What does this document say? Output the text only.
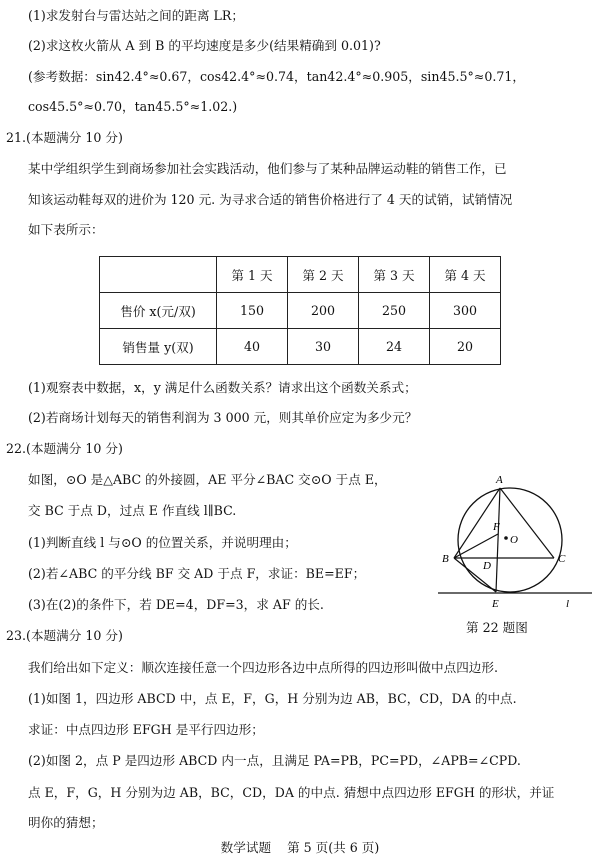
(1)求发射台与雷达站之间的距离 LR；
(2)求这枚火箭从 A 到 B 的平均速度是多少(结果精确到 0.01)?
(参考数据：sin42.4°≈0.67，cos42.4°≈0.74，tan42.4°≈0.905，sin45.5°≈0.71，
cos45.5°≈0.70，tan45.5°≈1.02.)
21.(本题满分 10 分)
某中学组织学生到商场参加社会实践活动，他们参与了某种品牌运动鞋的销售工作，已
知该运动鞋每双的进价为 120 元. 为寻求合适的销售价格进行了 4 天的试销，试销情况
如下表所示：
	第 1 天	第 2 天	第 3 天	第 4 天
售价 x(元/双)	150	200	250	300
销售量 y(双)	40	30	24	20
(1)观察表中数据，x，y 满足什么函数关系？请求出这个函数关系式；
(2)若商场计划每天的销售利润为 3 000 元，则其单价应定为多少元？
22.(本题满分 10 分)
如图，⊙O 是△ABC 的外接圆，AE 平分∠BAC 交⊙O 于点 E，
交 BC 于点 D，过点 E 作直线 l∥BC.
(1)判断直线 l 与⊙O 的位置关系，并说明理由；
(2)若∠ABC 的平分线 BF 交 AD 于点 F，求证：BE=EF；
(3)在(2)的条件下，若 DE=4，DF=3，求 AF 的长.
A
B	C
D
E
F
O
l
第 22 题图
23.(本题满分 10 分)
我们给出如下定义：顺次连接任意一个四边形各边中点所得的四边形叫做中点四边形.
(1)如图 1，四边形 ABCD 中，点 E，F，G，H 分别为边 AB，BC，CD，DA 的中点.
求证：中点四边形 EFGH 是平行四边形；
(2)如图 2，点 P 是四边形 ABCD 内一点，且满足 PA=PB，PC=PD，∠APB=∠CPD.
点 E，F，G，H 分别为边 AB，BC，CD，DA 的中点. 猜想中点四边形 EFGH 的形状，并证
明你的猜想；
数学试题 第 5 页(共 6 页)
